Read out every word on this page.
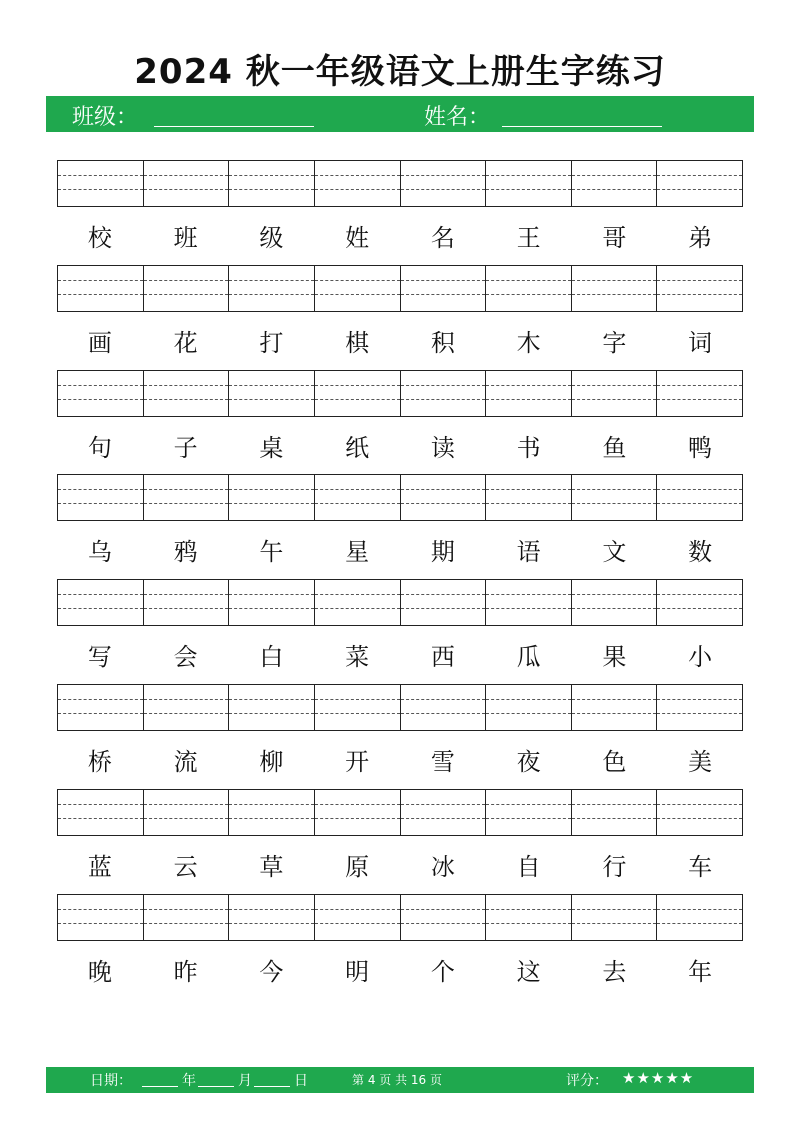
2024 秋一年级语文上册生字练习
班级：	姓名：
校	班	级	姓	名	王	哥	弟
画	花	打	棋	积	木	字	词
句	子	桌	纸	读	书	鱼	鸭
乌	鸦	午	星	期	语	文	数
写	会	白	菜	西	瓜	果	小
桥	流	柳	开	雪	夜	色	美
蓝	云	草	原	冰	自	行	车
晚	昨	今	明	个	这	去	年
日期：	年	月	日	第 4 页 共 16 页	评分： ★★★★★
